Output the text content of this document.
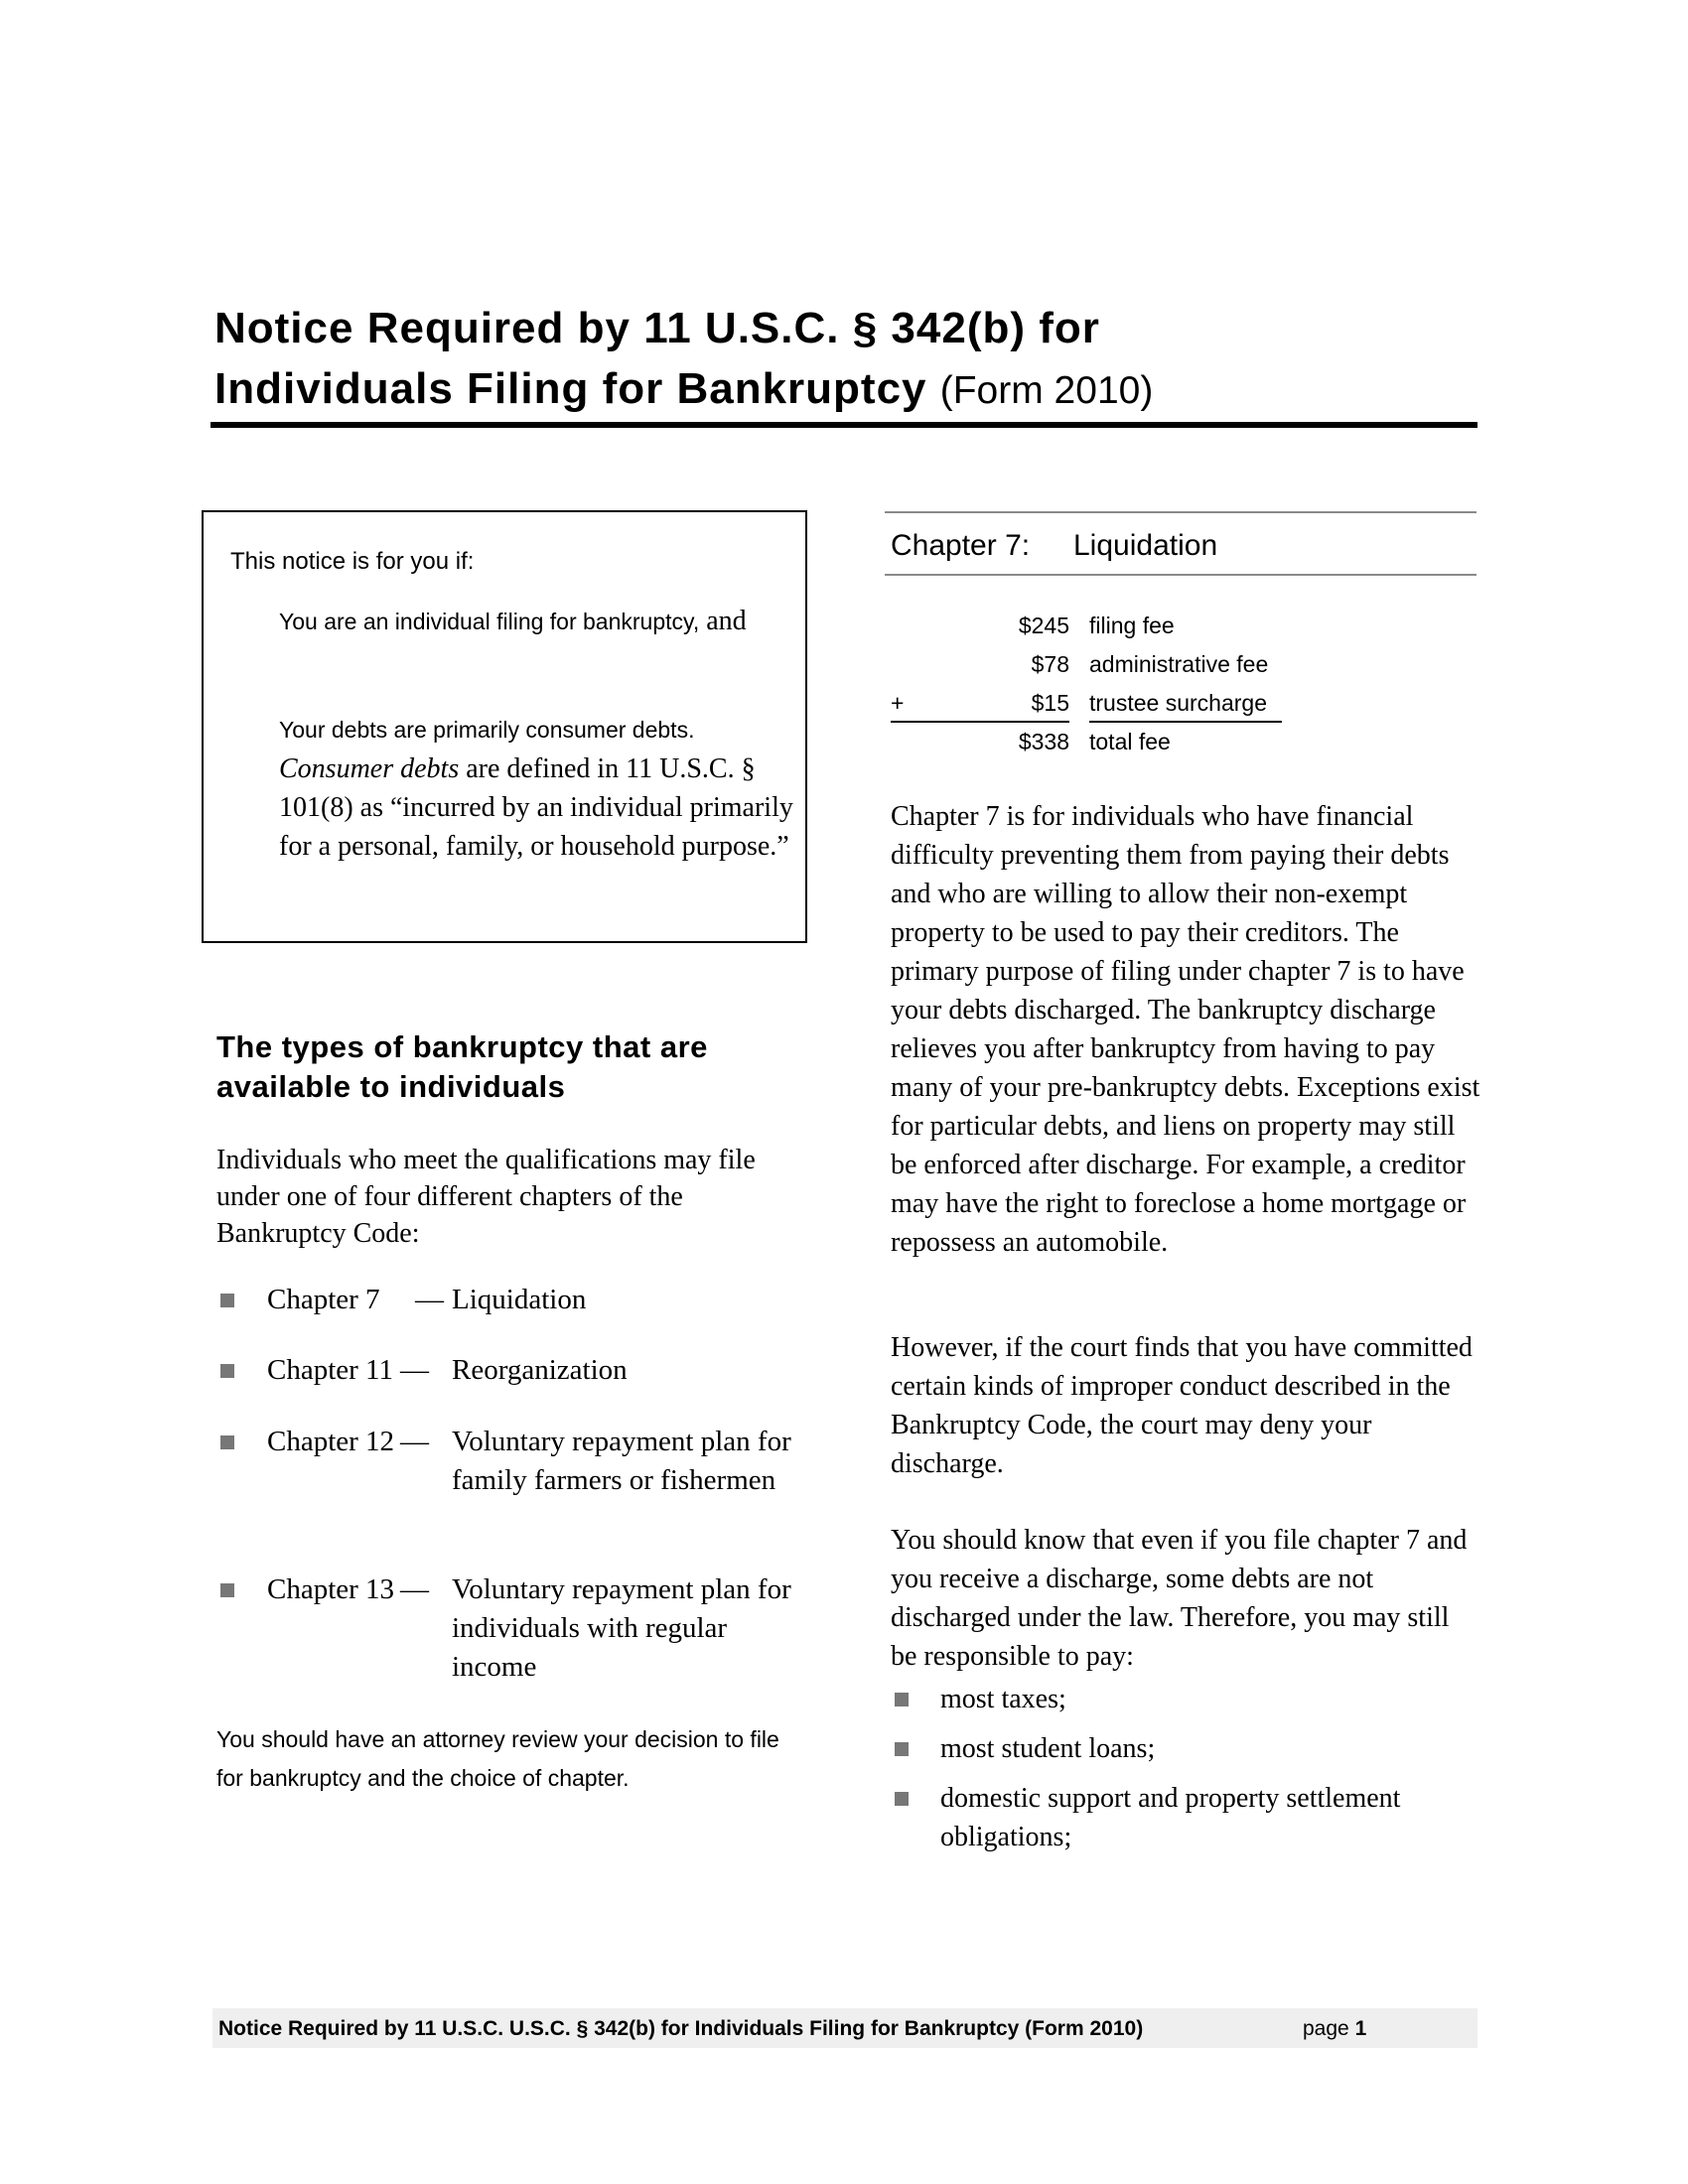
Notice Required by 11 U.S.C. § 342(b) for
Individuals Filing for Bankruptcy (Form 2010)
This notice is for you if:
You are an individual filing for bankruptcy, and
Your debts are primarily consumer debts.
Consumer debts are defined in 11 U.S.C. § 101(8) as “incurred by an individual primarily for a personal, family, or household purpose.”
The types of bankruptcy that are available to individuals
Individuals who meet the qualifications may file under one of four different chapters of the Bankruptcy Code:
Chapter 7 — Liquidation
Chapter 11 — Reorganization
Chapter 12 — Voluntary repayment plan for family farmers or fishermen
Chapter 13 — Voluntary repayment plan for individuals with regular income
You should have an attorney review your decision to file for bankruptcy and the choice of chapter.
Chapter 7: Liquidation
$245 filing fee
$78 administrative fee
+	$15 trustee surcharge
$338 total fee
Chapter 7 is for individuals who have financial difficulty preventing them from paying their debts and who are willing to allow their non-exempt property to be used to pay their creditors. The primary purpose of filing under chapter 7 is to have your debts discharged. The bankruptcy discharge relieves you after bankruptcy from having to pay many of your pre-bankruptcy debts. Exceptions exist for particular debts, and liens on property may still be enforced after discharge. For example, a creditor may have the right to foreclose a home mortgage or repossess an automobile.
However, if the court finds that you have committed certain kinds of improper conduct described in the Bankruptcy Code, the court may deny your discharge.
You should know that even if you file chapter 7 and you receive a discharge, some debts are not discharged under the law. Therefore, you may still be responsible to pay:
most taxes;
most student loans;
domestic support and property settlement obligations;
Notice Required by 11 U.S.C. U.S.C. § 342(b) for Individuals Filing for Bankruptcy (Form 2010)	page 1
